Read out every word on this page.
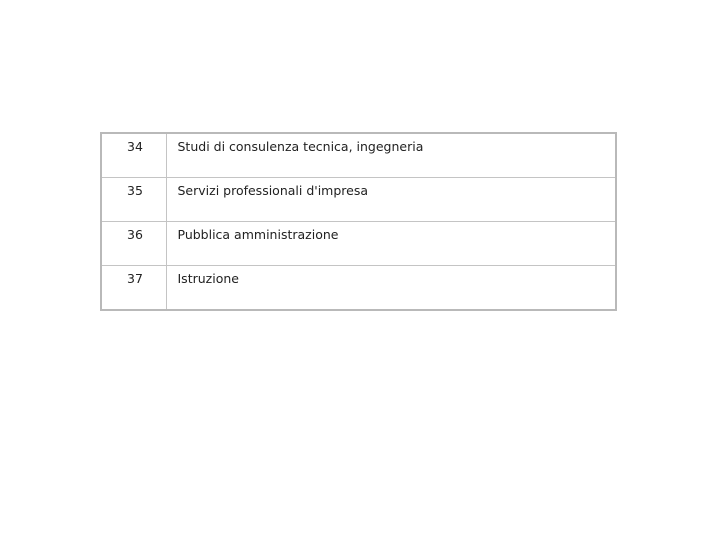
34	Studi di consulenza tecnica, ingegneria
35	Servizi professionali d'impresa
36	Pubblica amministrazione
37	Istruzione
